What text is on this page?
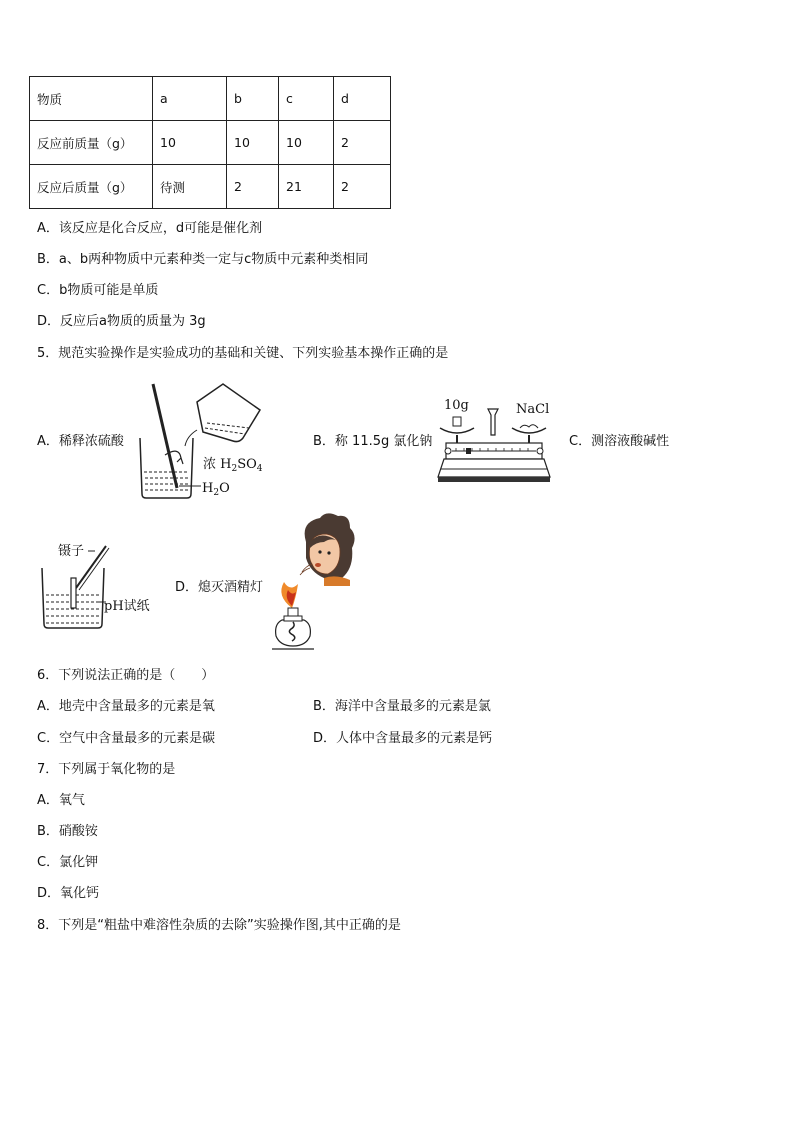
物质	a	b	c	d
反应前质量（g）	10	10	10	2
反应后质量（g）	待测	2	21	2
A．该反应是化合反应，d可能是催化剂
B．a、b两种物质中元素种类一定与c物质中元素种类相同
C．b物质可能是单质
D．反应后a物质的质量为 3g
5．规范实验操作是实验成功的基础和关键、下列实验基本操作正确的是
A．稀释浓硫酸	B．称 11.5g 氯化钠	C．测溶液酸碱性
D．熄灭酒精灯
浓 $H_2SO_4$
$H_2O$
10g	NaCl
镊子
pH试纸
6．下列说法正确的是（　　）
A．地壳中含量最多的元素是氧	B．海洋中含量最多的元素是氯
C．空气中含量最多的元素是碳	D．人体中含量最多的元素是钙
7．下列属于氧化物的是
A．氧气
B．硝酸铵
C．氯化钾
D．氧化钙
8．下列是“粗盐中难溶性杂质的去除”实验操作图,其中正确的是
